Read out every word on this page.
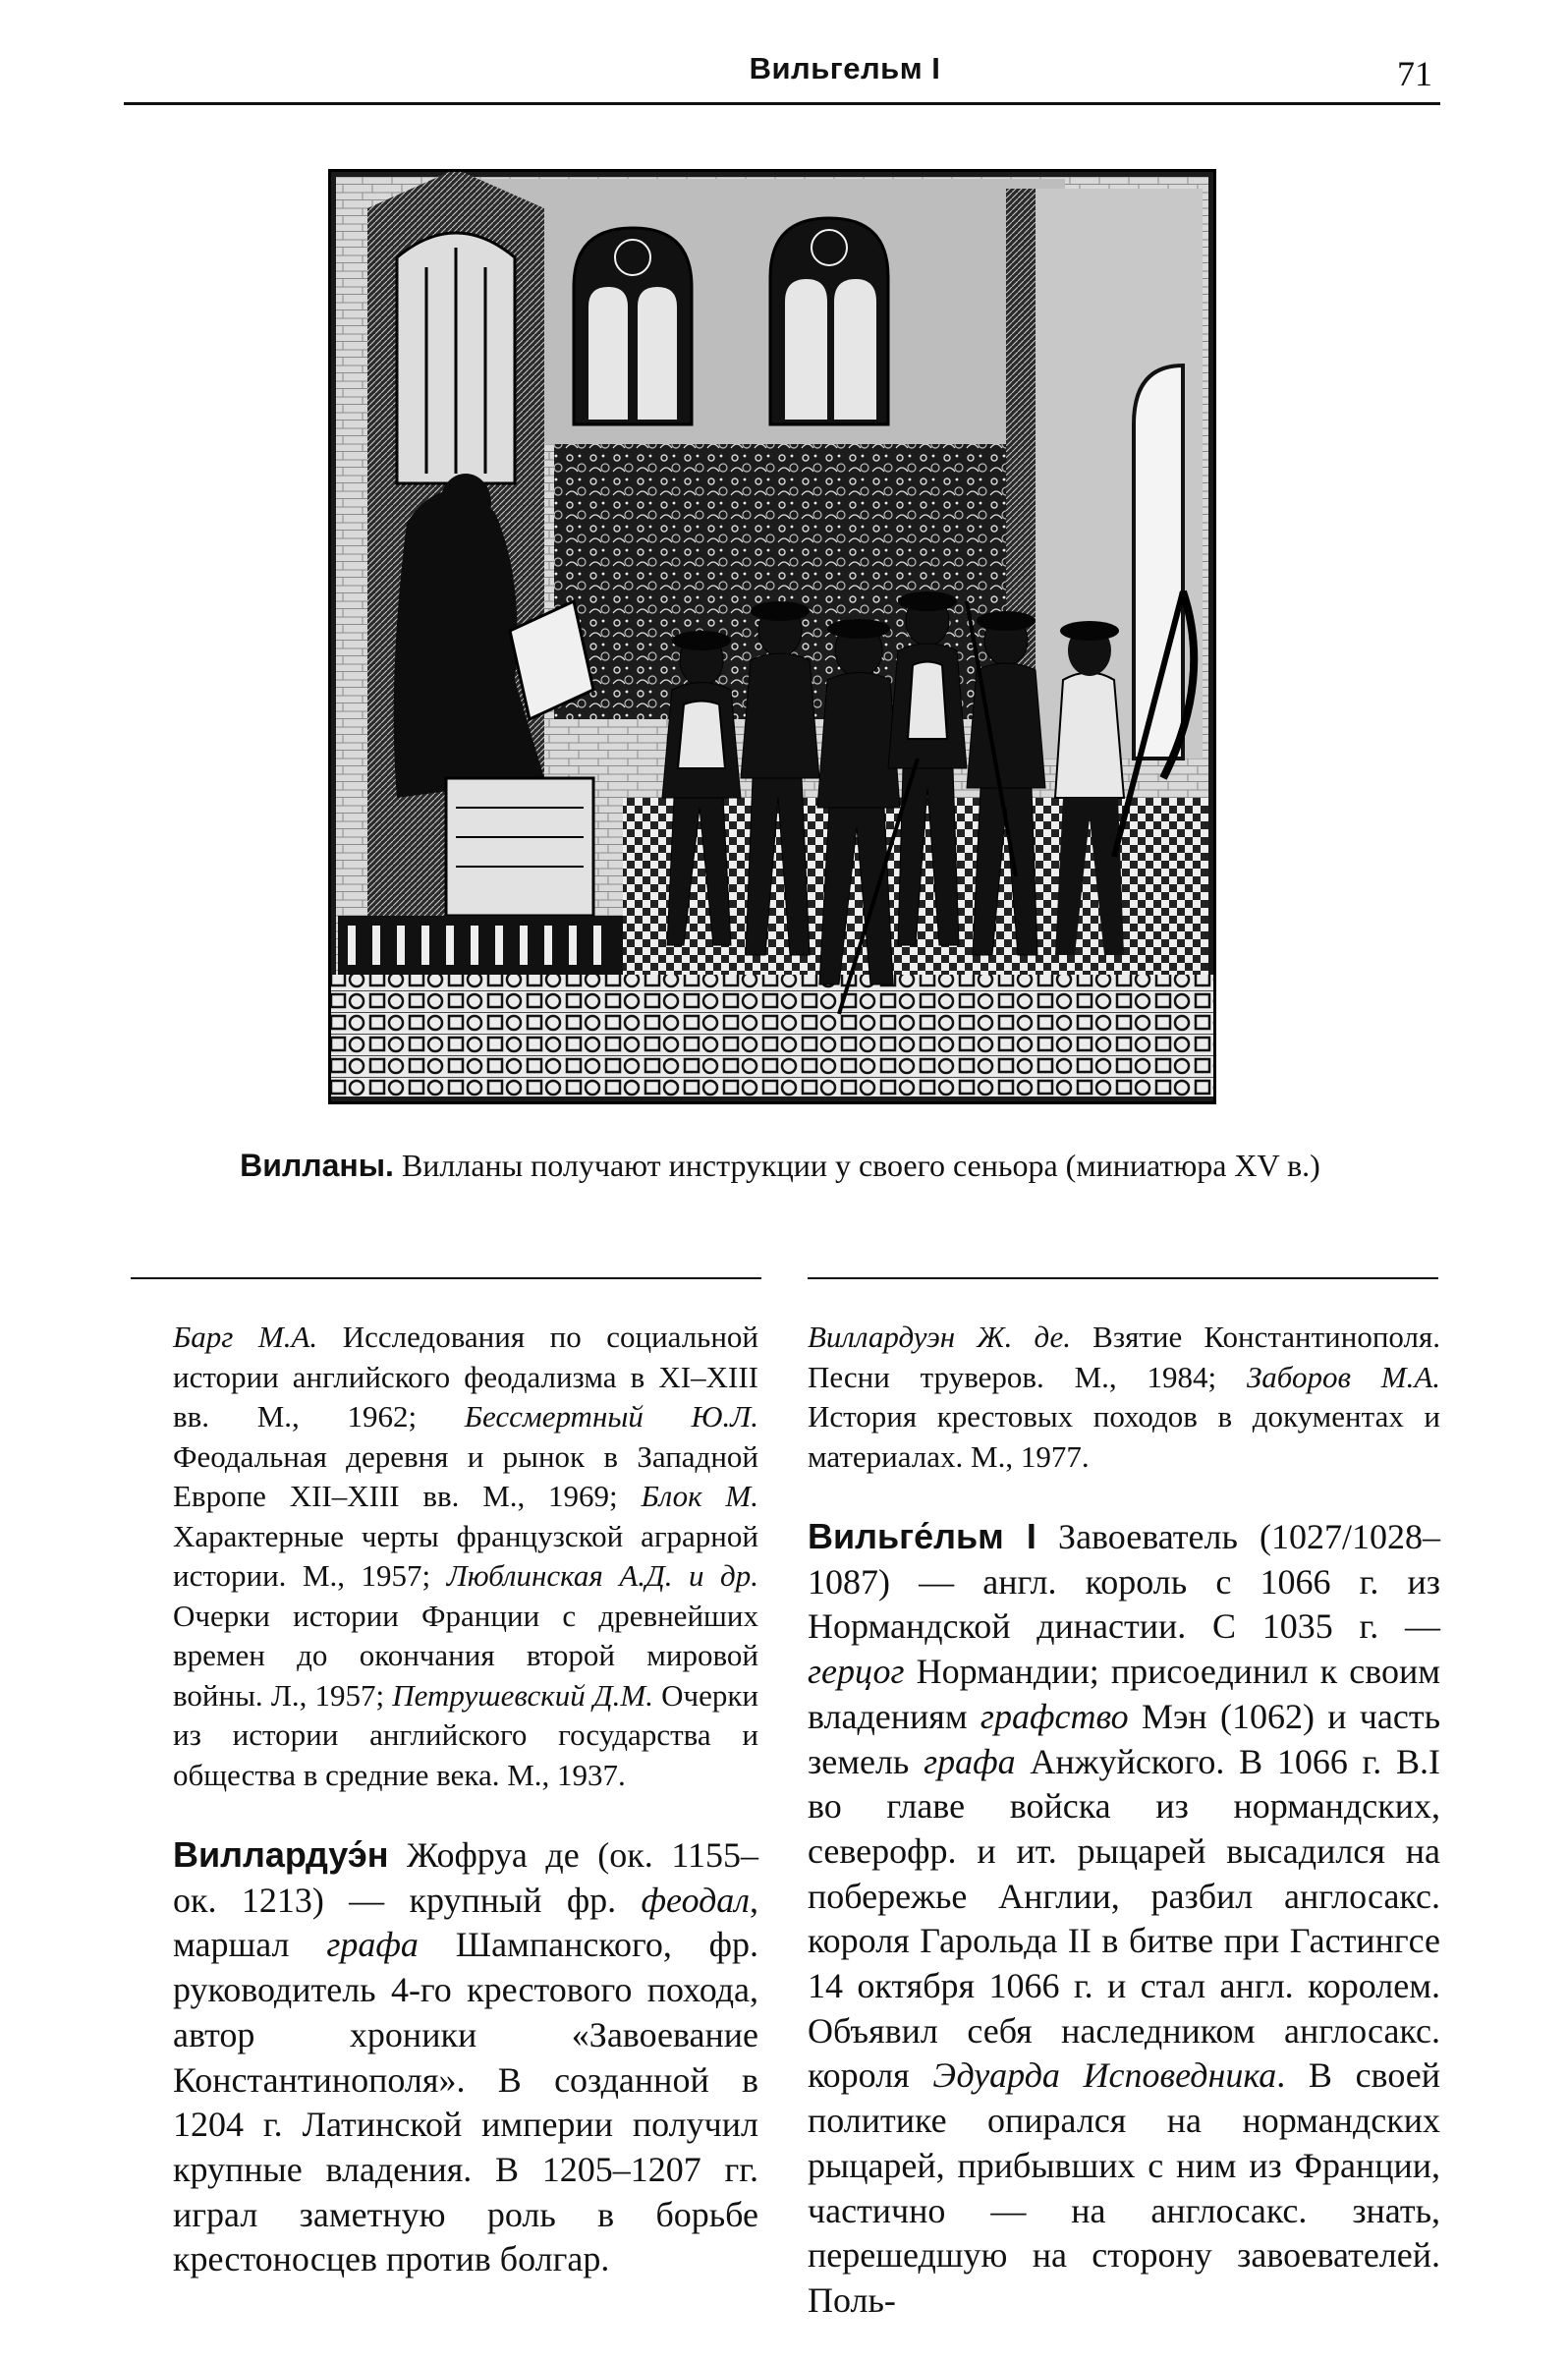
Вильгельм I	71
Вилланы. Вилланы получают инструкции у своего сеньора (миниатюра XV в.)

Барг М.А. Исследования по социальной истории английского феодализма в XI–XIII вв. М., 1962; Бессмертный Ю.Л. Феодальная деревня и рынок в Западной Европе XII–XIII вв. М., 1969; Блок М. Характерные черты французской аграрной истории. М., 1957; Люблинская А.Д. и др. Очерки истории Франции с древнейших времен до окончания второй мировой войны. Л., 1957; Петрушевский Д.М. Очерки из истории английского государства и общества в средние века. М., 1937.

Виллардуэ́н Жофруа де (ок. 1155–ок. 1213) — крупный фр. феодал, маршал графа Шампанского, фр. руководитель 4-го крестового похода, автор хроники «Завоевание Константинополя». В созданной в 1204 г. Латинской империи получил крупные владения. В 1205–1207 гг. играл заметную роль в борьбе крестоносцев против болгар.

Виллардуэн Ж. де. Взятие Константинополя. Песни труверов. М., 1984; Заборов М.А. История крестовых походов в документах и материалах. М., 1977.

Вильге́льм I Завоеватель (1027/1028–1087) — англ. король с 1066 г. из Нормандской династии. С 1035 г. — герцог Нормандии; присоединил к своим владениям графство Мэн (1062) и часть земель графа Анжуйского. В 1066 г. В.I во главе войска из нормандских, северофр. и ит. рыцарей высадился на побережье Англии, разбил англосакс. короля Гарольда II в битве при Гастингсе 14 октября 1066 г. и стал англ. королем. Объявил себя наследником англосакс. короля Эдуарда Исповедника. В своей политике опирался на нормандских рыцарей, прибывших с ним из Франции, частично — на англосакс. знать, перешедшую на сторону завоевателей. Поль-
